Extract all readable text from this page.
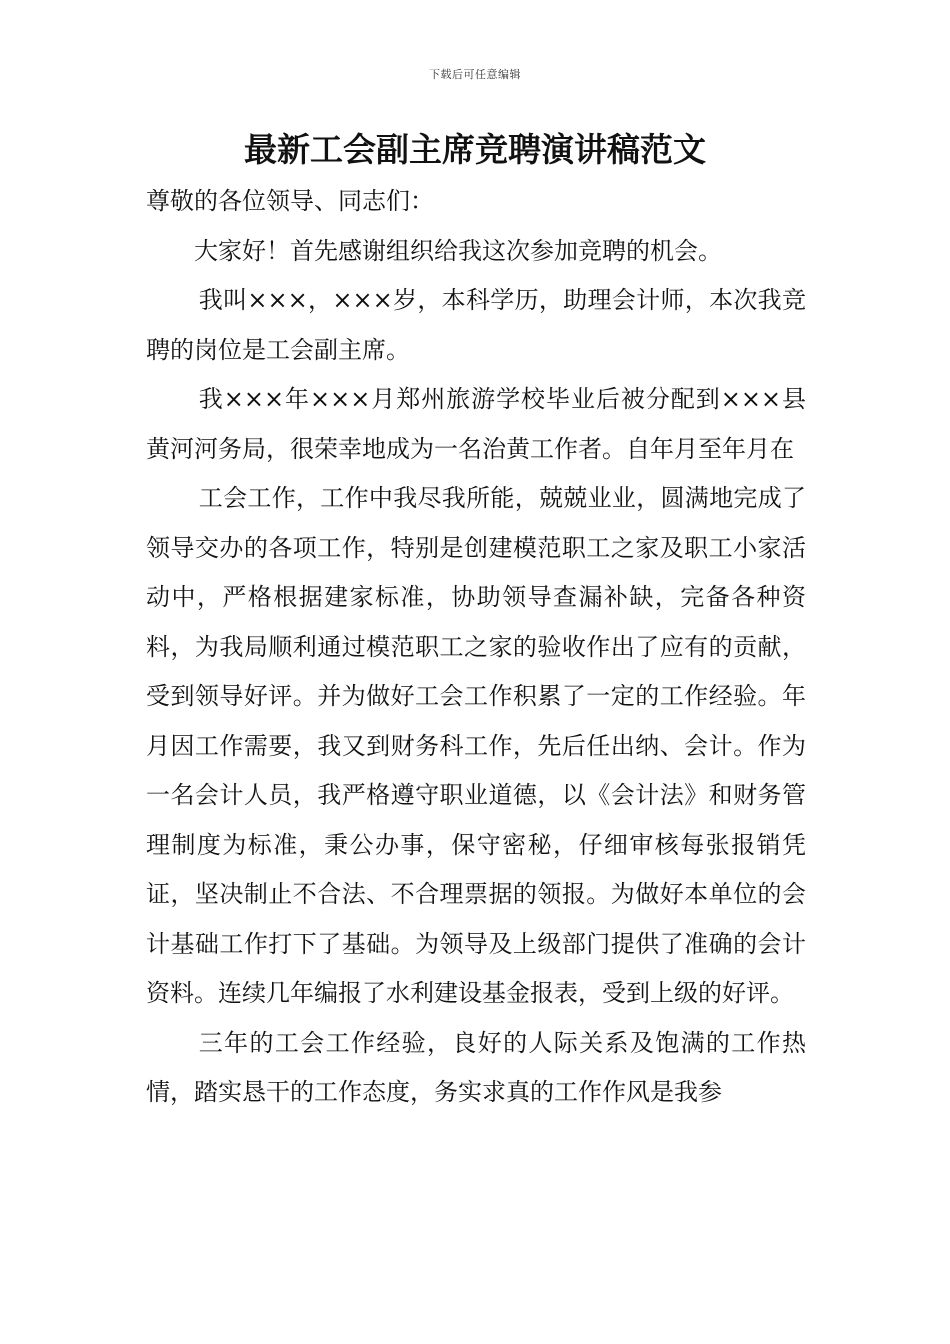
下载后可任意编辑
最新工会副主席竞聘演讲稿范文

尊敬的各位领导、同志们：

大家好！首先感谢组织给我这次参加竞聘的机会。

我叫×××，×××岁，本科学历，助理会计师，本次我竞聘的岗位是工会副主席。

我×××年×××月郑州旅游学校毕业后被分配到×××县黄河河务局，很荣幸地成为一名治黄工作者。自年月至年月在

工会工作，工作中我尽我所能，兢兢业业，圆满地完成了领导交办的各项工作，特别是创建模范职工之家及职工小家活动中，严格根据建家标准，协助领导查漏补缺，完备各种资料，为我局顺利通过模范职工之家的验收作出了应有的贡献，受到领导好评。并为做好工会工作积累了一定的工作经验。年月因工作需要，我又到财务科工作，先后任出纳、会计。作为一名会计人员，我严格遵守职业道德，以《会计法》和财务管理制度为标准，秉公办事，保守密秘，仔细审核每张报销凭证，坚决制止不合法、不合理票据的领报。为做好本单位的会计基础工作打下了基础。为领导及上级部门提供了准确的会计资料。连续几年编报了水利建设基金报表，受到上级的好评。

三年的工会工作经验，良好的人际关系及饱满的工作热情，踏实恳干的工作态度，务实求真的工作作风是我参
